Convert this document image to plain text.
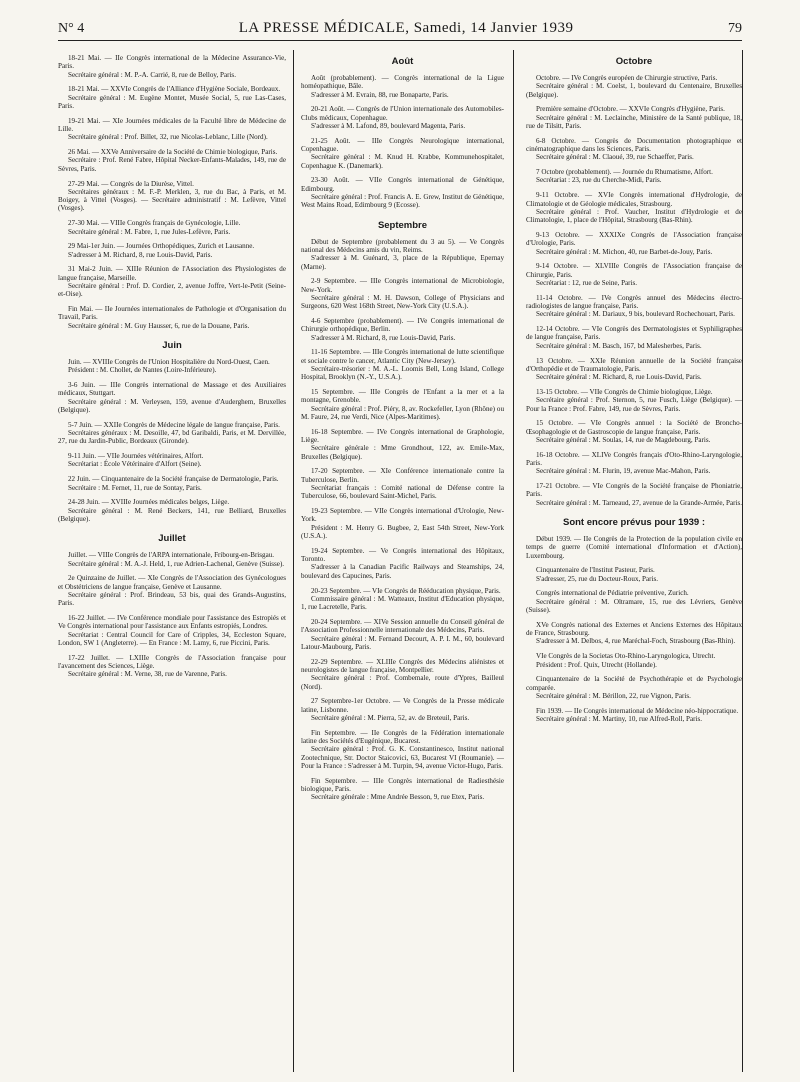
N° 4	LA PRESSE MÉDICALE, Samedi, 14 Janvier 1939	79

18-21 Mai. — IIe Congrès international de la Médecine Assurance-Vie, Paris.

Secrétaire général : M. P.-A. Carrié, 8, rue de Belloy, Paris.

18-21 Mai. — XXVIe Congrès de l'Alliance d'Hygiène Sociale, Bordeaux.

Secrétaire général : M. Eugène Montet, Musée Social, 5, rue Las-Cases, Paris.

19-21 Mai. — XIe Journées médicales de la Faculté libre de Médecine de Lille.

Secrétaire général : Prof. Billet, 32, rue Nicolas-Leblanc, Lille (Nord).

26 Mai. — XXVe Anniversaire de la Société de Chimie biologique, Paris.

Secrétaire : Prof. René Fabre, Hôpital Necker-Enfants-Malades, 149, rue de Sèvres, Paris.

27-29 Mai. — Congrès de la Diurèse, Vittel.

Secrétaires généraux : M. F.-P. Merklen, 3, rue du Bac, à Paris, et M. Boigey, à Vittel (Vosges). — Secrétaire administratif : M. Lefèvre, Vittel (Vosges).

27-30 Mai. — VIIIe Congrès français de Gynécologie, Lille.

Secrétaire général : M. Fabre, 1, rue Jules-Lefèvre, Paris.

29 Mai-1er Juin. — Journées Orthopédiques, Zurich et Lausanne.

S'adresser à M. Richard, 8, rue Louis-David, Paris.

31 Mai-2 Juin. — XIIIe Réunion de l'Association des Physiologistes de langue française, Marseille.

Secrétaire général : Prof. D. Cordier, 2, avenue Joffre, Vert-le-Petit (Seine-et-Oise).

Fin Mai. — IIe Journées internationales de Pathologie et d'Organisation du Travail, Paris.

Secrétaire général : M. Guy Hausser, 6, rue de la Douane, Paris.

Juin

Juin. — XVIIIe Congrès de l'Union Hospitalière du Nord-Ouest, Caen.

Président : M. Chollet, de Nantes (Loire-Inférieure).

3-6 Juin. — IIIe Congrès international de Massage et des Auxiliaires médicaux, Stuttgart.

Secrétaire général : M. Verleysen, 159, avenue d'Auderghem, Bruxelles (Belgique).

5-7 Juin. — XXIIe Congrès de Médecine légale de langue française, Paris.

Secrétaires généraux : M. Desoille, 47, bd Garibaldi, Paris, et M. Dervillée, 27, rue du Jardin-Public, Bordeaux (Gironde).

9-11 Juin. — VIIe Journées vétérinaires, Alfort.

Secrétariat : École Vétérinaire d'Alfort (Seine).

22 Juin. — Cinquantenaire de la Société française de Dermatologie, Paris.

Secrétaire : M. Fernet, 11, rue de Sontay, Paris.

24-28 Juin. — XVIIIe Journées médicales belges, Liège.

Secrétaire général : M. René Beckers, 141, rue Belliard, Bruxelles (Belgique).

Juillet

Juillet. — VIIIe Congrès de l'ARPA internationale, Fribourg-en-Brisgau.

Secrétaire général : M. A.-J. Held, 1, rue Adrien-Lachenal, Genève (Suisse).

2e Quinzaine de Juillet. — XIe Congrès de l'Association des Gynécologues et Obstétriciens de langue française, Genève et Lausanne.

Secrétaire général : Prof. Brindeau, 53 bis, quai des Grands-Augustins, Paris.

16-22 Juillet. — IVe Conférence mondiale pour l'assistance des Estropiés et Ve Congrès international pour l'assistance aux Enfants estropiés, Londres.

Secrétariat : Central Council for Care of Cripples, 34, Eccleston Square, London, SW 1 (Angleterre). — En France : M. Lamy, 6, rue Piccini, Paris.

17-22 Juillet. — LXIIIe Congrès de l'Association française pour l'avancement des Sciences, Liège.

Secrétaire général : M. Verne, 38, rue de Varenne, Paris.

Août

Août (probablement). — Congrès international de la Ligue homéopathique, Bâle.

S'adresser à M. Evrain, 88, rue Bonaparte, Paris.

20-21 Août. — Congrès de l'Union internationale des Automobiles-Clubs médicaux, Copenhague.

S'adresser à M. Lafond, 89, boulevard Magenta, Paris.

21-25 Août. — IIIe Congrès Neurologique international, Copenhague.

Secrétaire général : M. Knud H. Krabbe, Kommunehospitalet, Copenhague K. (Danemark).

23-30 Août. — VIIe Congrès international de Génétique, Edimbourg.

Secrétaire général : Prof. Francis A. E. Grew, Institut de Génétique, West Mains Road, Edimbourg 9 (Ecosse).

Septembre

Début de Septembre (probablement du 3 au 5). — Ve Congrès national des Médecins amis du vin, Reims.

S'adresser à M. Guénard, 3, place de la République, Epernay (Marne).

2-9 Septembre. — IIIe Congrès international de Microbiologie, New-York.

Secrétaire général : M. H. Dawson, College of Physicians and Surgeons, 620 West 168th Street, New-York City (U.S.A.).

4-6 Septembre (probablement). — IVe Congrès international de Chirurgie orthopédique, Berlin.

S'adresser à M. Richard, 8, rue Louis-David, Paris.

11-16 Septembre. — IIIe Congrès international de lutte scientifique et sociale contre le cancer, Atlantic City (New-Jersey).

Secrétaire-trésorier : M. A.-L. Loomis Bell, Long Island, College Hospital, Brooklyn (N.-Y., U.S.A.).

15 Septembre. — IIIe Congrès de l'Enfant a la mer et a la montagne, Grenoble.

Secrétaire général : Prof. Piéry, 8, av. Rockefeller, Lyon (Rhône) ou M. Faure, 24, rue Verdi, Nice (Alpes-Maritimes).

16-18 Septembre. — IVe Congrès international de Graphologie, Liège.

Secrétaire générale : Mme Grondhout, 122, av. Emile-Max, Bruxelles (Belgique).

17-20 Septembre. — XIe Conférence internationale contre la Tuberculose, Berlin.

Secrétariat français : Comité national de Défense contre la Tuberculose, 66, boulevard Saint-Michel, Paris.

19-23 Septembre. — VIIe Congrès international d'Urologie, New-York.

Président : M. Henry G. Bugbee, 2, East 54th Street, New-York (U.S.A.).

19-24 Septembre. — Ve Congrès international des Hôpitaux, Toronto.

S'adresser à la Canadian Pacific Railways and Steamships, 24, boulevard des Capucines, Paris.

20-23 Septembre. — VIe Congrès de Rééducation physique, Paris.

Commissaire général : M. Watteaux, Institut d'Education physique, 1, rue Lacretelle, Paris.

20-24 Septembre. — XIVe Session annuelle du Conseil général de l'Association Professionnelle internationale des Médecins, Paris.

Secrétaire général : M. Fernand Decourt, A. P. I. M., 60, boulevard Latour-Maubourg, Paris.

22-29 Septembre. — XLIIIe Congrès des Médecins aliénistes et neurologistes de langue française, Montpellier.

Secrétaire général : Prof. Combemale, route d'Ypres, Bailleul (Nord).

27 Septembre-1er Octobre. — Ve Congrès de la Presse médicale latine, Lisbonne.

Secrétaire général : M. Pierra, 52, av. de Breteuil, Paris.

Fin Septembre. — IIe Congrès de la Fédération internationale latine des Sociétés d'Eugénique, Bucarest.

Secrétaire général : Prof. G. K. Constantinesco, Institut national Zootechnique, Str. Doctor Staicovici, 63, Bucarest VI (Roumanie). — Pour la France : S'adresser à M. Turpin, 94, avenue Victor-Hugo, Paris.

Fin Septembre. — IIIe Congrès international de Radiesthésie biologique, Paris.

Secrétaire générale : Mme Andrée Besson, 9, rue Etex, Paris.

Octobre

Octobre. — IVe Congrès européen de Chirurgie structive, Paris.

Secrétaire général : M. Coelst, 1, boulevard du Centenaire, Bruxelles (Belgique).

Première semaine d'Octobre. — XXVIe Congrès d'Hygiène, Paris.

Secrétaire général : M. Leclainche, Ministère de la Santé publique, 18, rue de Tilsitt, Paris.

6-8 Octobre. — Congrès de Documentation photographique et cinématographique dans les Sciences, Paris.

Secrétaire général : M. Claoué, 39, rue Schaeffer, Paris.

7 Octobre (probablement). — Journée du Rhumatisme, Alfort.

Secrétariat : 23, rue du Cherche-Midi, Paris.

9-11 Octobre. — XVIe Congrès international d'Hydrologie, de Climatologie et de Géologie médicales, Strasbourg.

Secrétaire général : Prof. Vaucher, Institut d'Hydrologie et de Climatologie, 1, place de l'Hôpital, Strasbourg (Bas-Rhin).

9-13 Octobre. — XXXIXe Congrès de l'Association française d'Urologie, Paris.

Secrétaire général : M. Michon, 40, rue Barbet-de-Jouy, Paris.

9-14 Octobre. — XLVIIIe Congrès de l'Association française de Chirurgie, Paris.

Secrétariat : 12, rue de Seine, Paris.

11-14 Octobre. — IVe Congrès annuel des Médecins électro-radiologistes de langue française, Paris.

Secrétaire général : M. Dariaux, 9 bis, boulevard Rochechouart, Paris.

12-14 Octobre. — VIe Congrès des Dermatologistes et Syphiligraphes de langue française, Paris.

Secrétaire général : M. Basch, 167, bd Malesherbes, Paris.

13 Octobre. — XXIe Réunion annuelle de la Société française d'Orthopédie et de Traumatologie, Paris.

Secrétaire général : M. Richard, 8, rue Louis-David, Paris.

13-15 Octobre. — VIIe Congrès de Chimie biologique, Liège.

Secrétaire général : Prof. Sternon, 5, rue Fusch, Liège (Belgique). — Pour la France : Prof. Fabre, 149, rue de Sèvres, Paris.

15 Octobre. — VIe Congrès annuel : la Société de Broncho-Œsophagologie et de Gastroscopie de langue française, Paris.

Secrétaire général : M. Soulas, 14, rue de Magdebourg, Paris.

16-18 Octobre. — XLIVe Congrès français d'Oto-Rhino-Laryngologie, Paris.

Secrétaire général : M. Flurin, 19, avenue Mac-Mahon, Paris.

17-21 Octobre. — VIe Congrès de la Société française de Phoniatrie, Paris.

Secrétaire général : M. Tarneaud, 27, avenue de la Grande-Armée, Paris.

Sont encore prévus pour 1939 :

Début 1939. — IIe Congrès de la Protection de la population civile en temps de guerre (Comité international d'Information et d'Action), Luxembourg.

Cinquantenaire de l'Institut Pasteur, Paris.

S'adresser, 25, rue du Docteur-Roux, Paris.

Congrès international de Pédiatrie préventive, Zurich.

Secrétaire général : M. Oltramare, 15, rue des Lévriers, Genève (Suisse).

XVe Congrès national des Externes et Anciens Externes des Hôpitaux de France, Strasbourg.

S'adresser à M. Delbos, 4, rue Maréchal-Foch, Strasbourg (Bas-Rhin).

VIe Congrès de la Societas Oto-Rhino-Laryngologica, Utrecht.

Président : Prof. Quix, Utrecht (Hollande).

Cinquantenaire de la Société de Psychothérapie et de Psychologie comparée.

Secrétaire général : M. Bérillon, 22, rue Vignon, Paris.

Fin 1939. — IIe Congrès international de Médecine néo-hippocratique.

Secrétaire général : M. Martiny, 10, rue Alfred-Roll, Paris.
